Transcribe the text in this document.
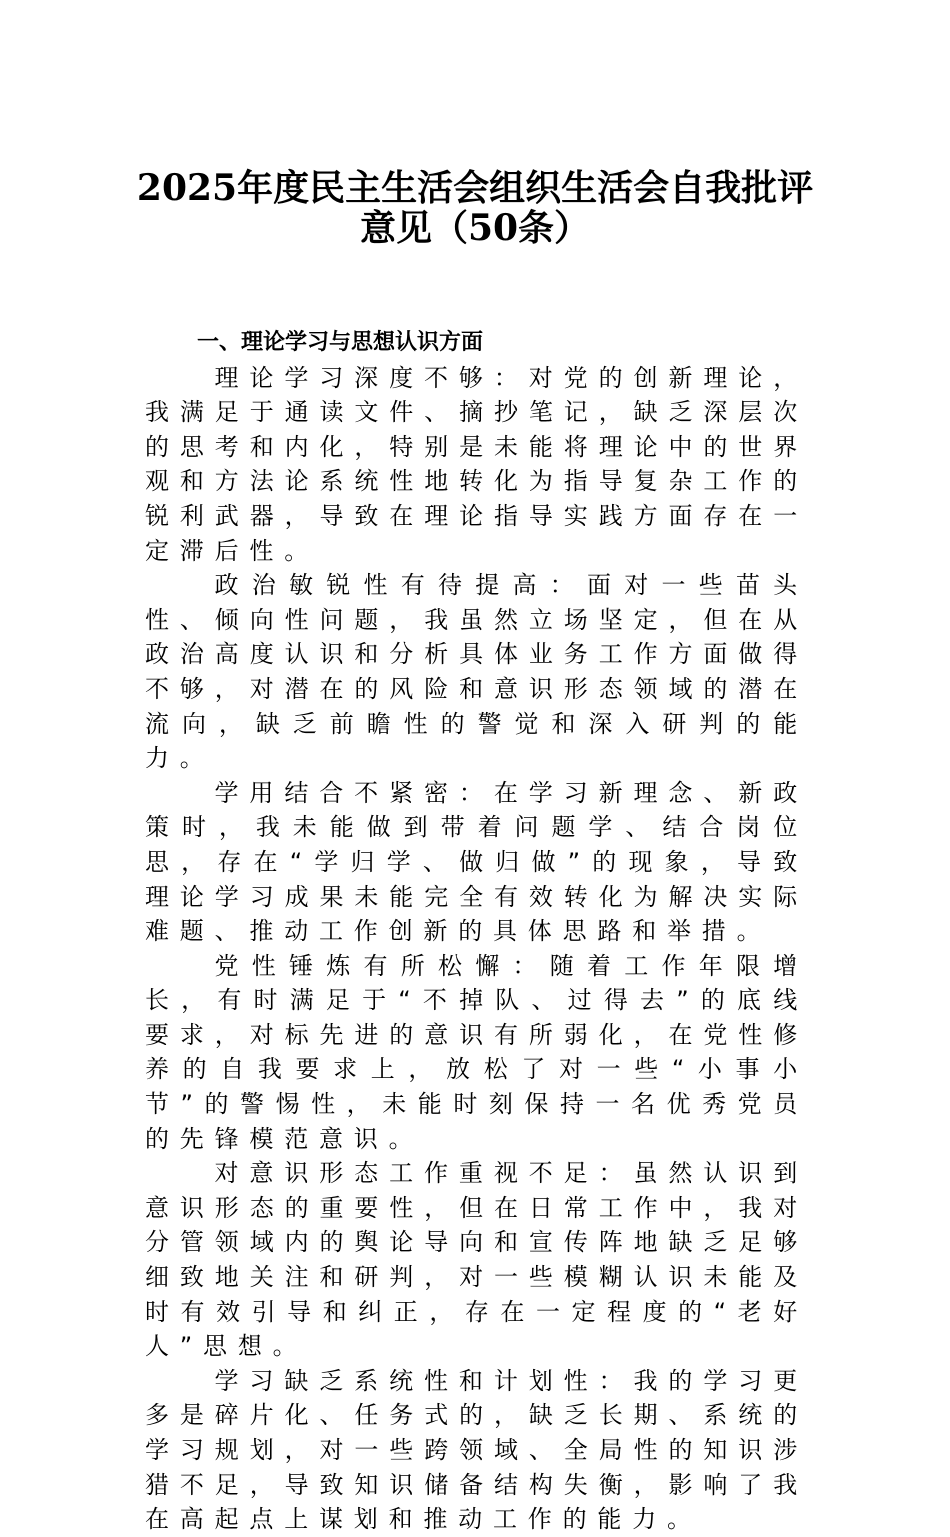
2025年度民主生活会组织生活会自我批评
意见（50条）
一、理论学习与思想认识方面

理论学习深度不够：对党的创新理论，我满足于通读文件、摘抄笔记，缺乏深层次的思考和内化，特别是未能将理论中的世界观和方法论系统性地转化为指导复杂工作的锐利武器，导致在理论指导实践方面存在一定滞后性。

政治敏锐性有待提高：面对一些苗头性、倾向性问题，我虽然立场坚定，但在从政治高度认识和分析具体业务工作方面做得不够，对潜在的风险和意识形态领域的潜在流向，缺乏前瞻性的警觉和深入研判的能力。

学用结合不紧密：在学习新理念、新政策时，我未能做到带着问题学、结合岗位思，存在“学归学、做归做”的现象，导致理论学习成果未能完全有效转化为解决实际难题、推动工作创新的具体思路和举措。

党性锤炼有所松懈：随着工作年限增长，有时满足于“不掉队、过得去”的底线要求，对标先进的意识有所弱化，在党性修养的自我要求上，放松了对一些“小事小节”的警惕性，未能时刻保持一名优秀党员的先锋模范意识。

对意识形态工作重视不足：虽然认识到意识形态的重要性，但在日常工作中，我对分管领域内的舆论导向和宣传阵地缺乏足够细致地关注和研判，对一些模糊认识未能及时有效引导和纠正，存在一定程度的“老好人”思想。

学习缺乏系统性和计划性：我的学习更多是碎片化、任务式的，缺乏长期、系统的学习规划，对一些跨领域、全局性的知识涉猎不足，导致知识储备结构失衡，影响了我在高起点上谋划和推动工作的能力。
